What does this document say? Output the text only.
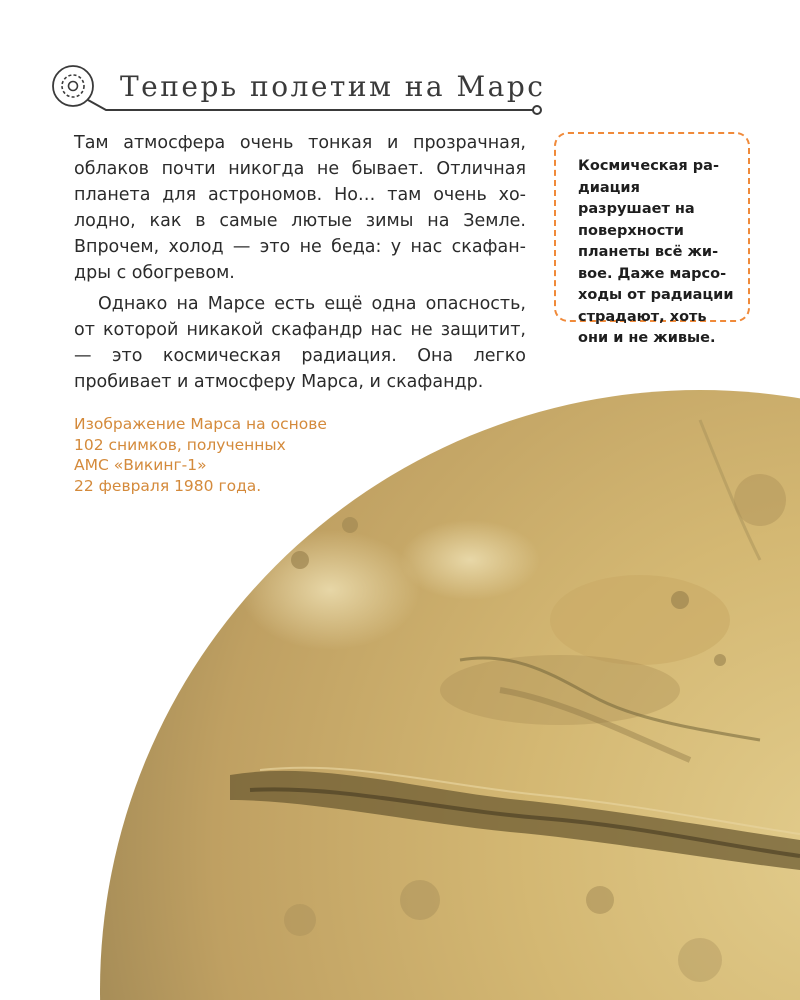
Теперь полетим на Марс

Там атмосфера очень тонкая и прозрачная, облаков почти никогда не бывает. Отличная планета для астрономов. Но… там очень холодно, как в самые лютые зимы на Земле. Впрочем, холод — это не беда: у нас скафандры с обогревом.

Однако на Марсе есть ещё одна опасность, от которой никакой скафандр нас не защитит, — это космическая радиация. Она легко пробивает и атмосферу Марса, и скафандр.

Космическая радиация разрушает на поверхности планеты всё живое. Даже марсоходы от радиации страдают, хоть они и не живые.

Изображение Марса на основе
102 снимков, полученных
АМС «Викинг-1»
22 февраля 1980 года.
